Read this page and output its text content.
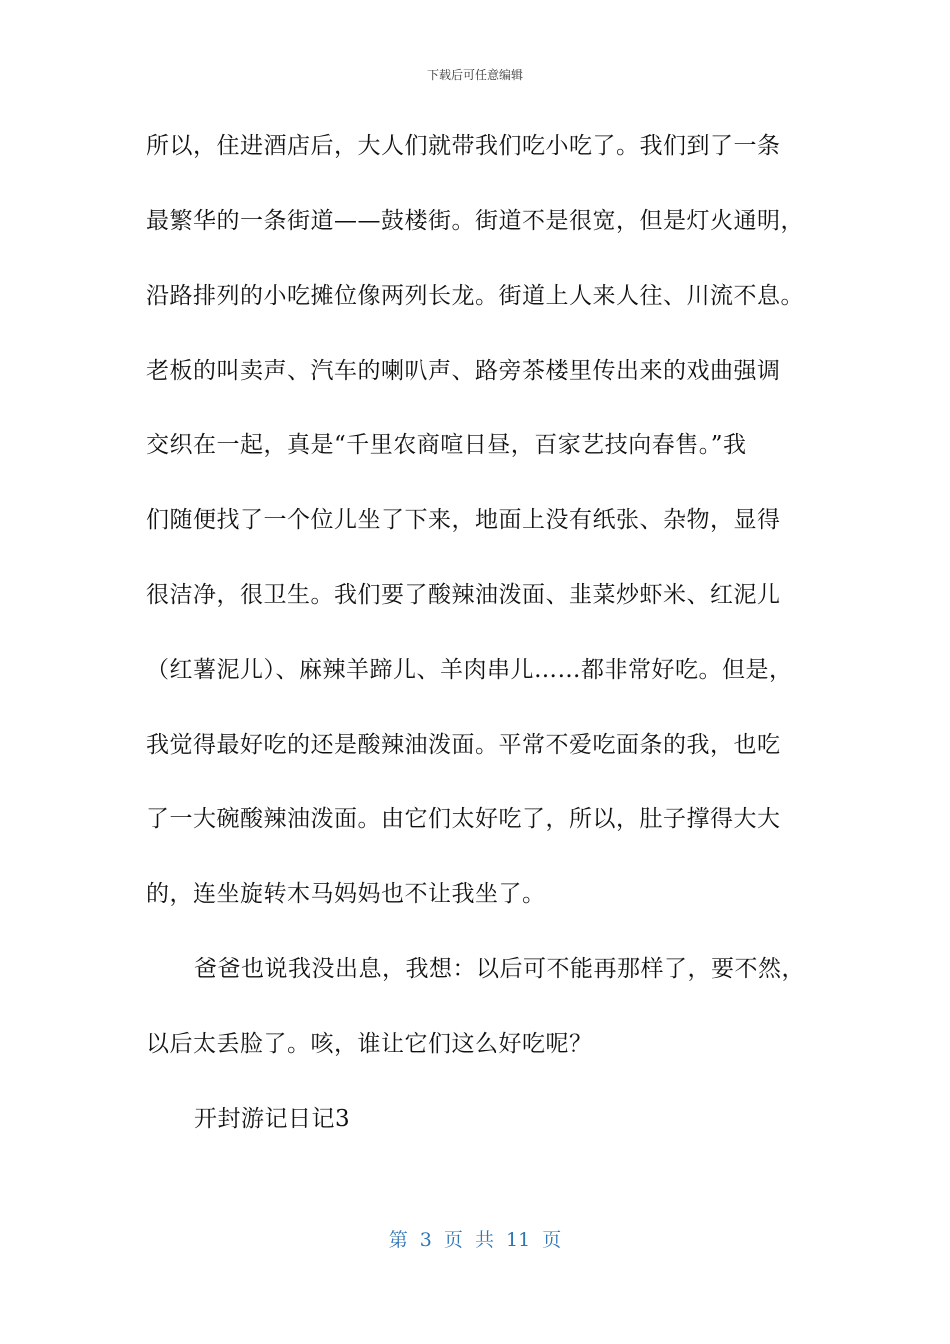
下载后可任意编辑
所以，住进酒店后，大人们就带我们吃小吃了。我们到了一条
最繁华的一条街道——鼓楼街。街道不是很宽，但是灯火通明，
沿路排列的小吃摊位像两列长龙。街道上人来人往、川流不息。
老板的叫卖声、汽车的喇叭声、路旁茶楼里传出来的戏曲强调
交织在一起，真是“千里农商喧日昼，百家艺技向春售。”我
们随便找了一个位儿坐了下来，地面上没有纸张、杂物，显得
很洁净，很卫生。我们要了酸辣油泼面、韭菜炒虾米、红泥儿
（红薯泥儿）、麻辣羊蹄儿、羊肉串儿……都非常好吃。但是，
我觉得最好吃的还是酸辣油泼面。平常不爱吃面条的我，也吃
了一大碗酸辣油泼面。由它们太好吃了，所以，肚子撑得大大
的，连坐旋转木马妈妈也不让我坐了。
爸爸也说我没出息，我想：以后可不能再那样了，要不然，
以后太丢脸了。咳，谁让它们这么好吃呢？
开封游记日记3
第 3 页 共 11 页
